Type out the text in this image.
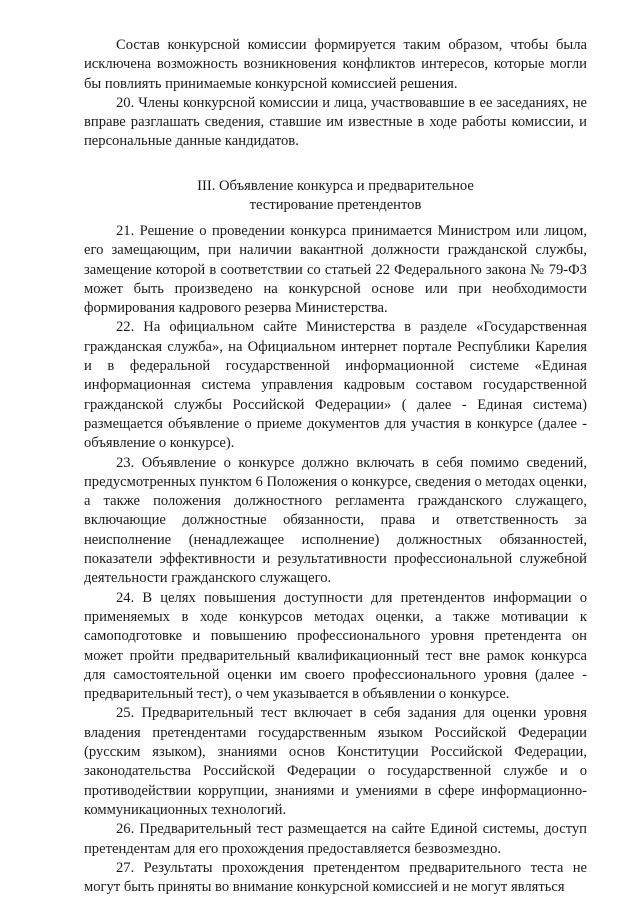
Состав конкурсной комиссии формируется таким образом, чтобы была исключена возможность возникновения конфликтов интересов, которые могли бы повлиять принимаемые конкурсной комиссией решения.

20. Члены конкурсной комиссии и лица, участвовавшие в ее заседаниях, не вправе разглашать сведения, ставшие им известные в ходе работы комиссии, и персональные данные кандидатов.

III. Объявление конкурса и предварительное
тестирование претендентов

21. Решение о проведении конкурса принимается Министром или лицом, его замещающим, при наличии вакантной должности гражданской службы, замещение которой в соответствии со статьей 22 Федерального закона № 79-ФЗ может быть произведено на конкурсной основе или при необходимости формирования кадрового резерва Министерства.

22. На официальном сайте Министерства в разделе «Государственная гражданская служба», на Официальном интернет портале Республики Карелия и в федеральной государственной информационной системе «Единая информационная система управления кадровым составом государственной гражданской службы Российской Федерации» ( далее - Единая система) размещается объявление о приеме документов для участия в конкурсе (далее - объявление о конкурсе).

23. Объявление о конкурсе должно включать в себя помимо сведений, предусмотренных пунктом 6 Положения о конкурсе, сведения о методах оценки, а также положения должностного регламента гражданского служащего, включающие должностные обязанности, права и ответственность за неисполнение (ненадлежащее исполнение) должностных обязанностей, показатели эффективности и результативности профессиональной служебной деятельности гражданского служащего.

24. В целях повышения доступности для претендентов информации о применяемых в ходе конкурсов методах оценки, а также мотивации к самоподготовке и повышению профессионального уровня претендента он может пройти предварительный квалификационный тест вне рамок конкурса для самостоятельной оценки им своего профессионального уровня (далее - предварительный тест), о чем указывается в объявлении о конкурсе.

25. Предварительный тест включает в себя задания для оценки уровня владения претендентами государственным языком Российской Федерации (русским языком), знаниями основ Конституции Российской Федерации, законодательства Российской Федерации о государственной службе и о противодействии коррупции, знаниями и умениями в сфере информационно-коммуникационных технологий.

26. Предварительный тест размещается на сайте Единой системы, доступ претендентам для его прохождения предоставляется безвозмездно.

27. Результаты прохождения претендентом предварительного теста не могут быть приняты во внимание конкурсной комиссией и не могут являться
